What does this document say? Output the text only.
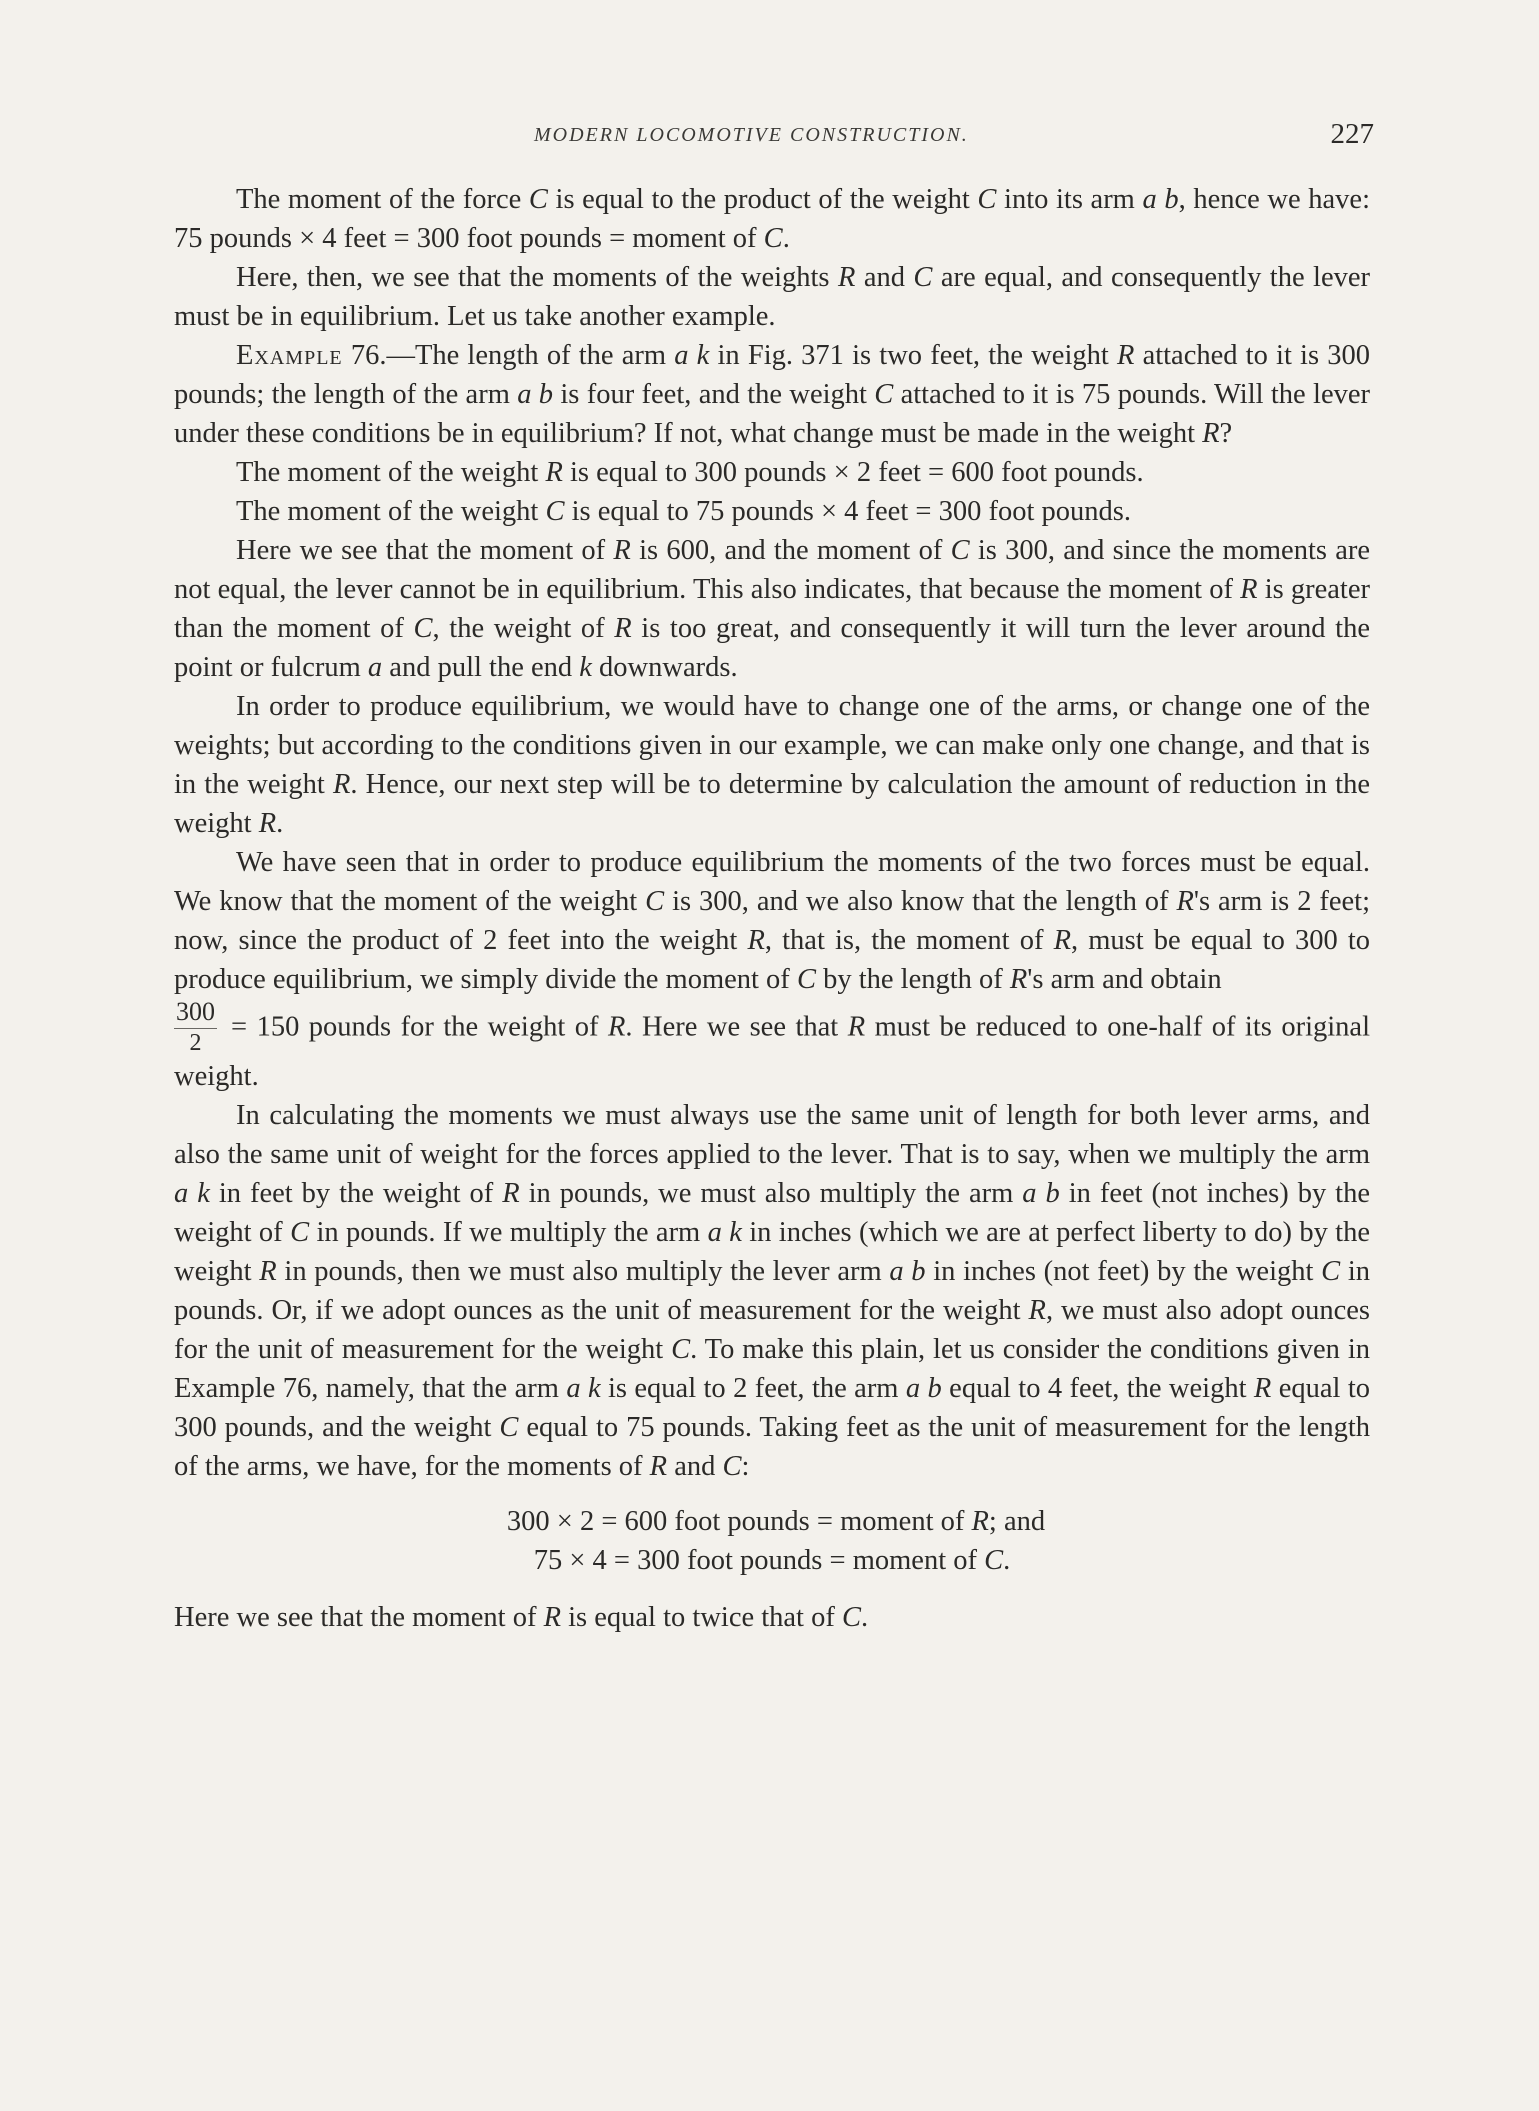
MODERN LOCOMOTIVE CONSTRUCTION.	227

The moment of the force C is equal to the product of the weight C into its arm a b, hence we have: 75 pounds × 4 feet = 300 foot pounds = moment of C.

Here, then, we see that the moments of the weights R and C are equal, and consequently the lever must be in equilibrium. Let us take another example.

Example 76.—The length of the arm a k in Fig. 371 is two feet, the weight R attached to it is 300 pounds; the length of the arm a b is four feet, and the weight C attached to it is 75 pounds. Will the lever under these conditions be in equilibrium? If not, what change must be made in the weight R?

The moment of the weight R is equal to 300 pounds × 2 feet = 600 foot pounds.

The moment of the weight C is equal to 75 pounds × 4 feet = 300 foot pounds.

Here we see that the moment of R is 600, and the moment of C is 300, and since the moments are not equal, the lever cannot be in equilibrium. This also indicates, that because the moment of R is greater than the moment of C, the weight of R is too great, and consequently it will turn the lever around the point or fulcrum a and pull the end k downwards.

In order to produce equilibrium, we would have to change one of the arms, or change one of the weights; but according to the conditions given in our example, we can make only one change, and that is in the weight R. Hence, our next step will be to determine by calculation the amount of reduction in the weight R.

We have seen that in order to produce equilibrium the moments of the two forces must be equal. We know that the moment of the weight C is 300, and we also know that the length of R's arm is 2 feet; now, since the product of 2 feet into the weight R, that is, the moment of R, must be equal to 300 to produce equilibrium, we simply divide the moment of C by the length of R's arm and obtain

$\frac{300}{2} = 150$ pounds for the weight of R. Here we see that R must be reduced to one-half of its original weight.

In calculating the moments we must always use the same unit of length for both lever arms, and also the same unit of weight for the forces applied to the lever. That is to say, when we multiply the arm a k in feet by the weight of R in pounds, we must also multiply the arm a b in feet (not inches) by the weight of C in pounds. If we multiply the arm a k in inches (which we are at perfect liberty to do) by the weight R in pounds, then we must also multiply the lever arm a b in inches (not feet) by the weight C in pounds. Or, if we adopt ounces as the unit of measurement for the weight R, we must also adopt ounces for the unit of measurement for the weight C. To make this plain, let us consider the conditions given in Example 76, namely, that the arm a k is equal to 2 feet, the arm a b equal to 4 feet, the weight R equal to 300 pounds, and the weight C equal to 75 pounds. Taking feet as the unit of measurement for the length of the arms, we have, for the moments of R and C:

300 × 2 = 600 foot pounds = moment of R; and

75 × 4 = 300 foot pounds = moment of C.

Here we see that the moment of R is equal to twice that of C.
